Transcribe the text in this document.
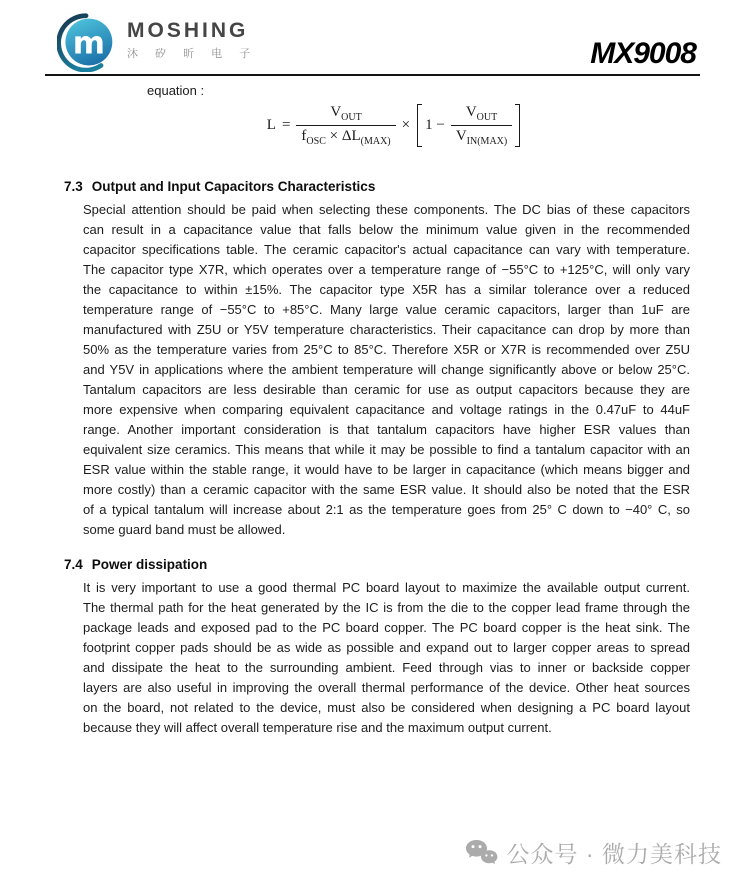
m MOSHING
沐 矽 昕 电 子	MX9008
equation :
$L = \frac{V_{OUT}}{f_{OSC} \times \Delta L_{(MAX)}} \times 1 - \frac{V_{OUT}}{V_{IN(MAX)}}$
7.3 Output and Input Capacitors Characteristics
Special attention should be paid when selecting these components. The DC bias of these capacitors
can result in a capacitance value that falls below the minimum value given in the recommended
capacitor specifications table. The ceramic capacitor's actual capacitance can vary with temperature.
The capacitor type X7R, which operates over a temperature range of −55°C to +125°C, will only vary
the capacitance to within ±15%. The capacitor type X5R has a similar tolerance over a reduced
temperature range of −55°C to +85°C. Many large value ceramic capacitors, larger than 1uF are
manufactured with Z5U or Y5V temperature characteristics. Their capacitance can drop by more than
50% as the temperature varies from 25°C to 85°C. Therefore X5R or X7R is recommended over Z5U
and Y5V in applications where the ambient temperature will change significantly above or below 25°C.
Tantalum capacitors are less desirable than ceramic for use as output capacitors because they are
more expensive when comparing equivalent capacitance and voltage ratings in the 0.47uF to 44uF
range. Another important consideration is that tantalum capacitors have higher ESR values than
equivalent size ceramics. This means that while it may be possible to find a tantalum capacitor with an
ESR value within the stable range, it would have to be larger in capacitance (which means bigger and
more costly) than a ceramic capacitor with the same ESR value. It should also be noted that the ESR
of a typical tantalum will increase about 2:1 as the temperature goes from 25° C down to −40° C, so
some guard band must be allowed.
7.4 Power dissipation
It is very important to use a good thermal PC board layout to maximize the available output current.
The thermal path for the heat generated by the IC is from the die to the copper lead frame through the
package leads and exposed pad to the PC board copper. The PC board copper is the heat sink. The
footprint copper pads should be as wide as possible and expand out to larger copper areas to spread
and dissipate the heat to the surrounding ambient. Feed through vias to inner or backside copper
layers are also useful in improving the overall thermal performance of the device. Other heat sources
on the board, not related to the device, must also be considered when designing a PC board layout
because they will affect overall temperature rise and the maximum output current.
公众号 · 微力美科技
